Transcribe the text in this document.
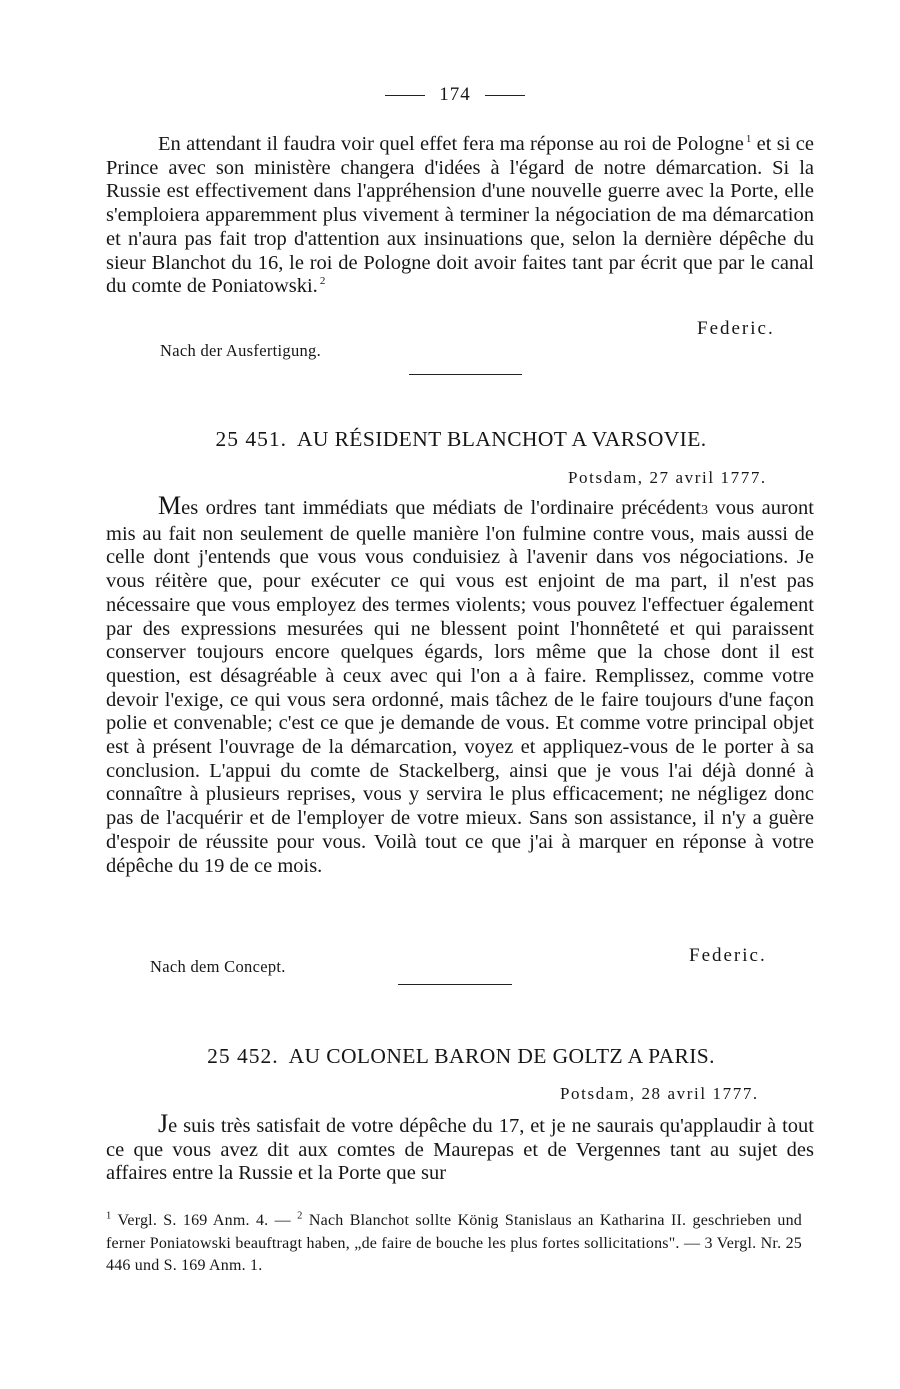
174
En attendant il faudra voir quel effet fera ma réponse au roi de Pologne $^1$ et si ce Prince avec son ministère changera d'idées à l'égard de notre démarcation. Si la Russie est effectivement dans l'appréhension d'une nouvelle guerre avec la Porte, elle s'emploiera apparemment plus vivement à terminer la négociation de ma démarcation et n'aura pas fait trop d'attention aux insinuations que, selon la dernière dépêche du sieur Blanchot du 16, le roi de Pologne doit avoir faites tant par écrit que par le canal du comte de Poniatowski. $^2$
Federic.
Nach der Ausfertigung.
25 451. AU RÉSIDENT BLANCHOT A VARSOVIE.
Potsdam, 27 avril 1777.
Mes ordres tant immédiats que médiats de l'ordinaire précédent3 vous auront mis au fait non seulement de quelle manière l'on fulmine contre vous, mais aussi de celle dont j'entends que vous vous conduisiez à l'avenir dans vos négociations. Je vous réitère que, pour exécuter ce qui vous est enjoint de ma part, il n'est pas nécessaire que vous employez des termes violents; vous pouvez l'effectuer également par des expressions mesurées qui ne blessent point l'honnêteté et qui paraissent conserver toujours encore quelques égards, lors même que la chose dont il est question, est désagréable à ceux avec qui l'on a à faire. Remplissez, comme votre devoir l'exige, ce qui vous sera ordonné, mais tâchez de le faire toujours d'une façon polie et convenable; c'est ce que je demande de vous. Et comme votre principal objet est à présent l'ouvrage de la démarcation, voyez et appliquez-vous de le porter à sa conclusion. L'appui du comte de Stackelberg, ainsi que je vous l'ai déjà donné à connaître à plusieurs reprises, vous y servira le plus efficacement; ne négligez donc pas de l'acquérir et de l'employer de votre mieux. Sans son assistance, il n'y a guère d'espoir de réussite pour vous. Voilà tout ce que j'ai à marquer en réponse à votre dépêche du 19 de ce mois.
Federic.
Nach dem Concept.
25 452. AU COLONEL BARON DE GOLTZ A PARIS.
Potsdam, 28 avril 1777.
Je suis très satisfait de votre dépêche du 17, et je ne saurais qu'applaudir à tout ce que vous avez dit aux comtes de Maurepas et de Vergennes tant au sujet des affaires entre la Russie et la Porte que sur
$^1$ Vergl. S. 169 Anm. 4. — $^2$ Nach Blanchot sollte König Stanislaus an Katharina II. geschrieben und ferner Poniatowski beauftragt haben, „de faire de bouche les plus fortes sollicitations". — 3 Vergl. Nr. 25 446 und S. 169 Anm. 1.
